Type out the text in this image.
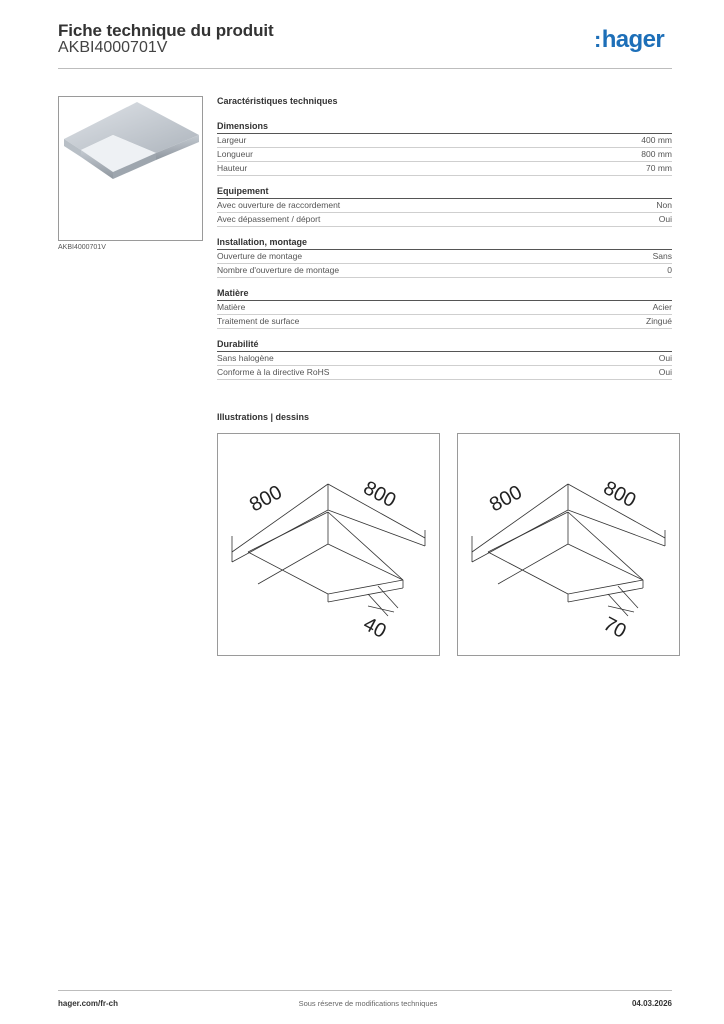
Fiche technique du produit
AKBI4000701V	:hager
AKBI4000701V
Caractéristiques techniques
Dimensions
Largeur	400 mm
Longueur	800 mm
Hauteur	70 mm
Equipement
Avec ouverture de raccordement	Non
Avec dépassement / déport	Oui
Installation, montage
Ouverture de montage	Sans
Nombre d'ouverture de montage	0
Matière
Matière	Acier
Traitement de surface	Zingué
Durabilité
Sans halogène	Oui
Conforme à la directive RoHS	Oui
Illustrations | dessins
800	800
40
800	800
70
hager.com/fr-ch	Sous réserve de modifications techniques	04.03.2026
